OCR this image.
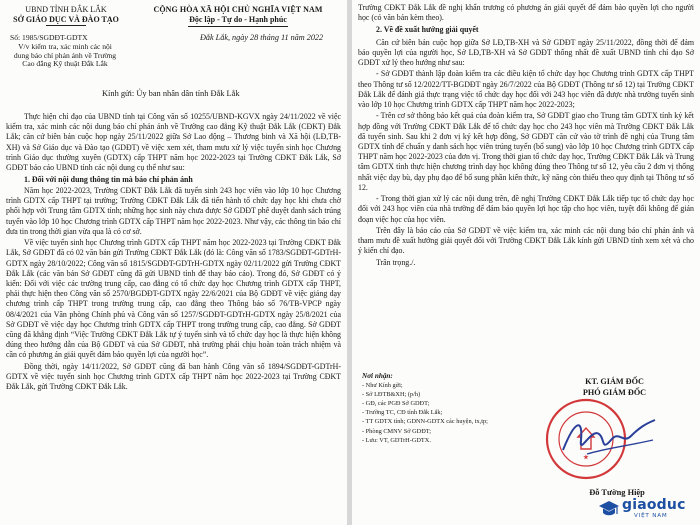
UBND TỈNH ĐẮK LẮK
SỞ GIÁO DỤC VÀ ĐÀO TẠO
CỘNG HÒA XÃ HỘI CHỦ NGHĨA VIỆT NAM
Độc lập - Tự do - Hạnh phúc
Số: 1985/SGDĐT-GDTX
V/v kiểm tra, xác minh các nội dung báo chí phản ánh về Trường Cao đẳng Kỹ thuật Đắk Lắk
Đắk Lắk, ngày 28 tháng 11 năm 2022
Kính gửi: Ủy ban nhân dân tỉnh Đắk Lắk

Thực hiện chỉ đạo của UBND tỉnh tại Công văn số 10255/UBND-KGVX ngày 24/11/2022 về việc kiểm tra, xác minh các nội dung báo chí phản ánh về Trường cao đẳng Kỹ thuật Đắk Lắk (CĐKT) Đắk Lắk; căn cứ biên bản cuộc họp ngày 25/11/2022 giữa Sở Lao động – Thương binh và Xã hội (LĐ,TB-XH) và Sở Giáo dục và Đào tạo (GDĐT) về việc xem xét, tham mưu xử lý việc tuyển sinh học Chương trình Giáo dục thường xuyên (GDTX) cấp THPT năm học 2022-2023 tại Trường CĐKT Đắk Lắk, Sở GDĐT báo cáo UBND tỉnh các nội dung cụ thể như sau:

1. Đối với nội dung thông tin mà báo chí phản ánh

Năm học 2022-2023, Trường CĐKT Đắk Lắk đã tuyển sinh 243 học viên vào lớp 10 học Chương trình GDTX cấp THPT tại trường; Trường CĐKT Đắk Lắk đã tiến hành tổ chức dạy học khi chưa chờ phối hợp với Trung tâm GDTX tỉnh; những học sinh này chưa được Sở GDĐT phê duyệt danh sách trúng tuyển vào lớp 10 học Chương trình GDTX cấp THPT năm học 2022-2023. Như vậy, các thông tin báo chí đưa tin trong thời gian vừa qua là có cơ sở.

Về việc tuyển sinh học Chương trình GDTX cấp THPT năm học 2022-2023 tại Trường CĐKT Đắk Lắk, Sở GDĐT đã có 02 văn bản gửi Trường CĐKT Đắk Lắk (đó là: Công văn số 1783/SGDĐT-GDTrH-GDTX ngày 28/10/2022; Công văn số 1815/SGDĐT-GDTrH-GDTX ngày 02/11/2022 gửi Trường CĐKT Đắk Lắk (các văn bản Sở GDĐT cũng đã gửi UBND tỉnh để thay báo cáo). Trong đó, Sở GDĐT có ý kiến: Đối với việc các trường trung cấp, cao đẳng có tổ chức dạy học Chương trình GDTX cấp THPT, phải thực hiện theo Công văn số 2570/BGDĐT-GDTX ngày 22/6/2021 của Bộ GDĐT về việc giảng dạy chương trình cấp THPT trong trường trung cấp, cao đẳng theo Thông báo số 76/TB-VPCP ngày 08/4/2021 của Văn phòng Chính phủ và Công văn số 1257/SGDĐT-GDTrH-GDTX ngày 25/8/2021 của Sở GDĐT về việc dạy học Chương trình GDTX cấp THPT trong trường trung cấp, cao đẳng. Sở GDĐT cũng đã khẳng định “Việc Trường CĐKT Đắk Lắk tự ý tuyển sinh và tổ chức dạy học là thực hiện không đúng theo hướng dẫn của Bộ GDĐT và của Sở GDĐT, nhà trường phải chịu hoàn toàn trách nhiệm và cần có phương án giải quyết đảm bảo quyền lợi của người học”.

Đồng thời, ngày 14/11/2022, Sở GDĐT cũng đã ban hành Công văn số 1894/SGDĐT-GDTrH-GDTX về việc tuyển sinh học Chương trình GDTX cấp THPT năm học 2022-2023 tại Trường CĐKT Đắk Lắk, gửi Trường CĐKT Đắk Lắk.

Trường CĐKT Đắk Lắk đề nghị khẩn trương có phương án giải quyết để đảm bảo quyền lợi cho người học (có văn bản kèm theo).

2. Về đề xuất hướng giải quyết

Căn cứ biên bản cuộc họp giữa Sở LĐ,TB-XH và Sở GDĐT ngày 25/11/2022, đồng thời để đảm bảo quyền lợi của người học, Sở LĐ,TB-XH và Sở GDĐT thống nhất đề xuất UBND tỉnh chỉ đạo Sở GDĐT xử lý theo hướng như sau:

- Sở GDĐT thành lập đoàn kiểm tra các điều kiện tổ chức dạy học Chương trình GDTX cấp THPT theo Thông tư số 12/2022/TT-BGDĐT ngày 26/7/2022 của Bộ GDĐT (Thông tư số 12) tại Trường CĐKT Đắk Lắk để đánh giá thực trạng việc tổ chức dạy học đối với 243 học viên đã được nhà trường tuyển sinh vào lớp 10 học Chương trình GDTX cấp THPT năm học 2022-2023;

- Trên cơ sở thông báo kết quả của đoàn kiểm tra, Sở GDĐT giao cho Trung tâm GDTX tỉnh ký kết hợp đồng với Trường CĐKT Đắk Lắk để tổ chức dạy học cho 243 học viên mà Trường CĐKT Đắk Lắk đã tuyển sinh. Sau khi 2 đơn vị ký kết hợp đồng, Sở GDĐT căn cứ vào tờ trình đề nghị của Trung tâm GDTX tỉnh để chuẩn y danh sách học viên trúng tuyển (bổ sung) vào lớp 10 học Chương trình GDTX cấp THPT năm học 2022-2023 của đơn vị. Trong thời gian tổ chức dạy học, Trường CĐKT Đắk Lắk và Trung tâm GDTX tỉnh thực hiện chương trình dạy học không đúng theo Thông tư số 12, yêu cầu 2 đơn vị thống nhất việc dạy bù, dạy phụ đạo để bổ sung phần kiến thức, kỹ năng còn thiếu theo quy định tại Thông tư số 12.

- Trong thời gian xử lý các nội dung trên, đề nghị Trường CĐKT Đắk Lắk tiếp tục tổ chức dạy học đối với 243 học viên của nhà trường để đảm bảo quyền lợi học tập cho học viên, tuyệt đối không để gián đoạn việc học của học viên.

Trên đây là báo cáo của Sở GDĐT về việc kiểm tra, xác minh các nội dung báo chí phản ánh và tham mưu đề xuất hướng giải quyết đối với Trường CĐKT Đắk Lắk kính gửi UBND tỉnh xem xét và cho ý kiến chỉ đạo.

Trân trọng./.

Nơi nhận:
- Như Kính gửi;
- Sở LĐTB&XH; (p/h)
- GĐ, các PGĐ Sở GDĐT;
- Trường TC, CĐ tỉnh Đắk Lắk;
- TT GDTX tỉnh; GDNN-GDTX các huyện, tx,tp;
- Phòng CMNV Sở GDĐT;
- Lưu: VT, GDTrH-GDTX.
KT. GIÁM ĐỐC
PHÓ GIÁM ĐỐC
★
Đỗ Tường Hiệp
giaoduc
VIỆT NAM
